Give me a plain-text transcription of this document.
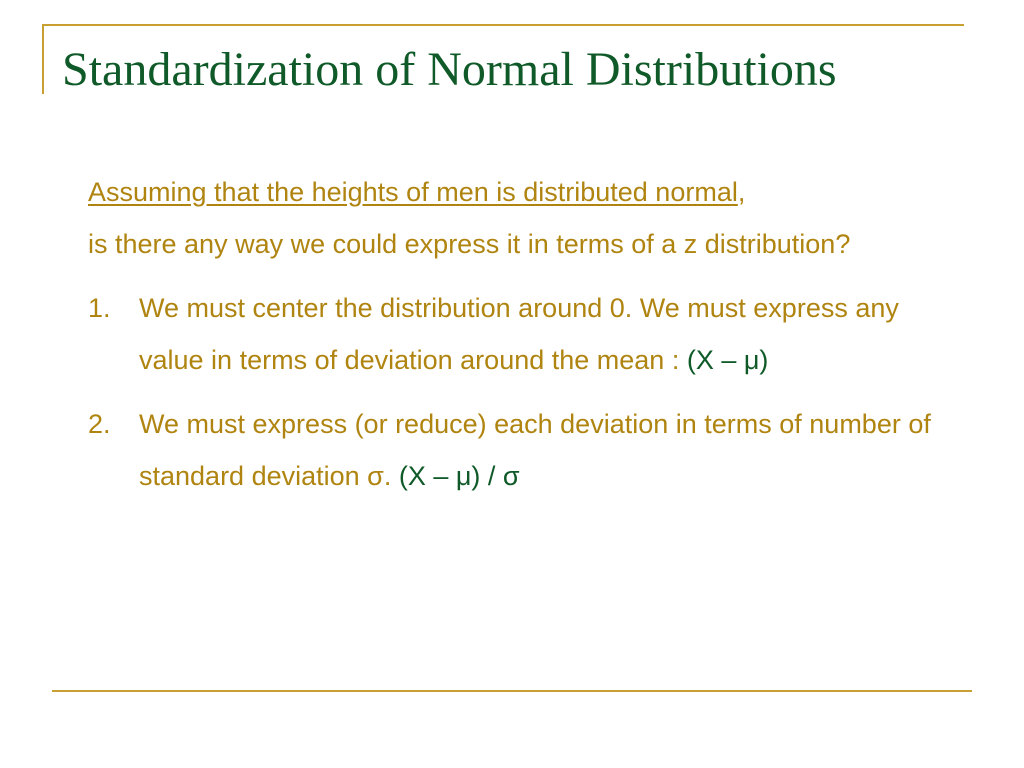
Standardization of Normal Distributions

Assuming that the heights of men is distributed normal,
is there any way we could express it in terms of a z distribution?

1. We must center the distribution around 0. We must express any value in terms of deviation around the mean : (X – μ)
2. We must express (or reduce) each deviation in terms of number of standard deviation σ. (X – μ) / σ
